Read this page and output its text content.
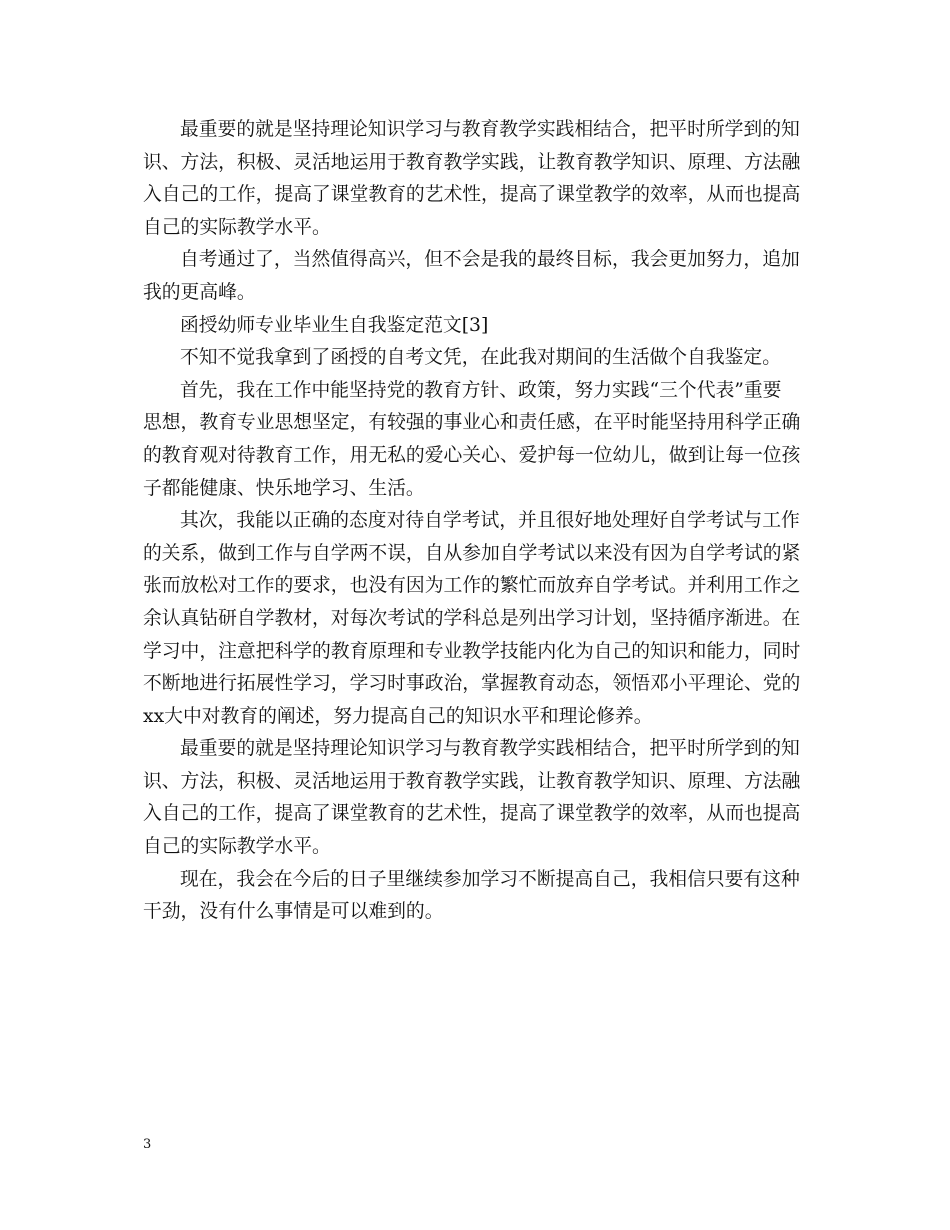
最重要的就是坚持理论知识学习与教育教学实践相结合，把平时所学到的知
识、方法，积极、灵活地运用于教育教学实践，让教育教学知识、原理、方法融
入自己的工作，提高了课堂教育的艺术性，提高了课堂教学的效率，从而也提高
自己的实际教学水平。

自考通过了，当然值得高兴，但不会是我的最终目标，我会更加努力，追加
我的更高峰。

函授幼师专业毕业生自我鉴定范文[3]

不知不觉我拿到了函授的自考文凭，在此我对期间的生活做个自我鉴定。

首先，我在工作中能坚持党的教育方针、政策，努力实践“三个代表”重要
思想，教育专业思想坚定，有较强的事业心和责任感，在平时能坚持用科学正确
的教育观对待教育工作，用无私的爱心关心、爱护每一位幼儿，做到让每一位孩
子都能健康、快乐地学习、生活。

其次，我能以正确的态度对待自学考试，并且很好地处理好自学考试与工作
的关系，做到工作与自学两不误，自从参加自学考试以来没有因为自学考试的紧
张而放松对工作的要求，也没有因为工作的繁忙而放弃自学考试。并利用工作之
余认真钻研自学教材，对每次考试的学科总是列出学习计划，坚持循序渐进。在
学习中，注意把科学的教育原理和专业教学技能内化为自己的知识和能力，同时
不断地进行拓展性学习，学习时事政治，掌握教育动态，领悟邓小平理论、党的
xx大中对教育的阐述，努力提高自己的知识水平和理论修养。

最重要的就是坚持理论知识学习与教育教学实践相结合，把平时所学到的知
识、方法，积极、灵活地运用于教育教学实践，让教育教学知识、原理、方法融
入自己的工作，提高了课堂教育的艺术性，提高了课堂教学的效率，从而也提高
自己的实际教学水平。

现在，我会在今后的日子里继续参加学习不断提高自己，我相信只要有这种
干劲，没有什么事情是可以难到的。

3
